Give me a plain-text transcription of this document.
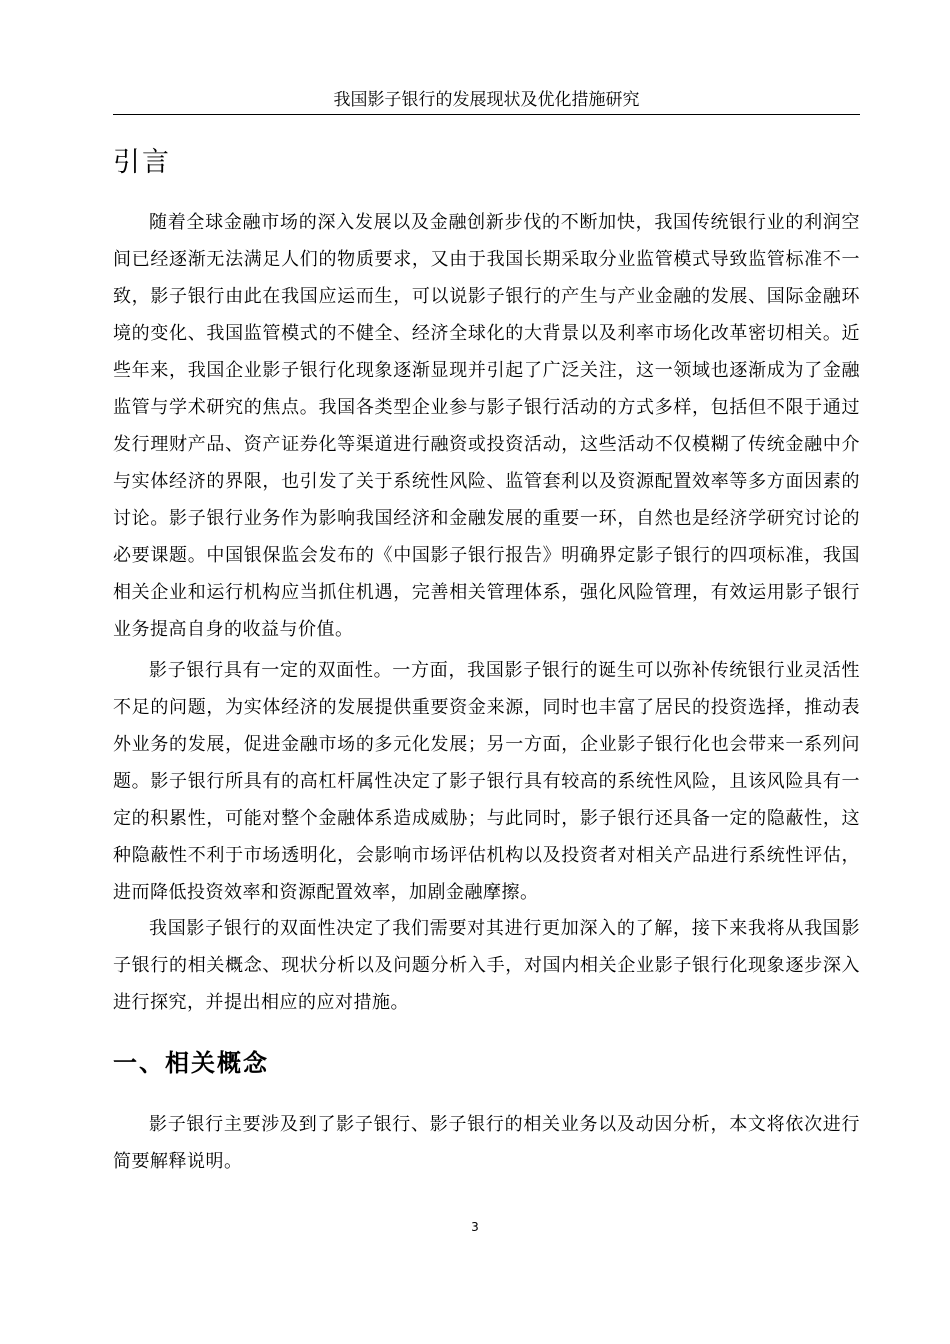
我国影子银行的发展现状及优化措施研究
引言

随着全球金融市场的深入发展以及金融创新步伐的不断加快，我国传统银行业的利润空间已经逐渐无法满足人们的物质要求，又由于我国长期采取分业监管模式导致监管标准不一致，影子银行由此在我国应运而生，可以说影子银行的产生与产业金融的发展、国际金融环境的变化、我国监管模式的不健全、经济全球化的大背景以及利率市场化改革密切相关。近些年来，我国企业影子银行化现象逐渐显现并引起了广泛关注，这一领域也逐渐成为了金融监管与学术研究的焦点。我国各类型企业参与影子银行活动的方式多样，包括但不限于通过发行理财产品、资产证券化等渠道进行融资或投资活动，这些活动不仅模糊了传统金融中介与实体经济的界限，也引发了关于系统性风险、监管套利以及资源配置效率等多方面因素的讨论。影子银行业务作为影响我国经济和金融发展的重要一环，自然也是经济学研究讨论的必要课题。中国银保监会发布的《中国影子银行报告》明确界定影子银行的四项标准，我国相关企业和运行机构应当抓住机遇，完善相关管理体系，强化风险管理，有效运用影子银行业务提高自身的收益与价值。

影子银行具有一定的双面性。一方面，我国影子银行的诞生可以弥补传统银行业灵活性不足的问题，为实体经济的发展提供重要资金来源，同时也丰富了居民的投资选择，推动表外业务的发展，促进金融市场的多元化发展；另一方面，企业影子银行化也会带来一系列问题。影子银行所具有的高杠杆属性决定了影子银行具有较高的系统性风险，且该风险具有一定的积累性，可能对整个金融体系造成威胁；与此同时，影子银行还具备一定的隐蔽性，这种隐蔽性不利于市场透明化，会影响市场评估机构以及投资者对相关产品进行系统性评估，进而降低投资效率和资源配置效率，加剧金融摩擦。

我国影子银行的双面性决定了我们需要对其进行更加深入的了解，接下来我将从我国影子银行的相关概念、现状分析以及问题分析入手，对国内相关企业影子银行化现象逐步深入进行探究，并提出相应的应对措施。

一、相关概念

影子银行主要涉及到了影子银行、影子银行的相关业务以及动因分析，本文将依次进行简要解释说明。

3
